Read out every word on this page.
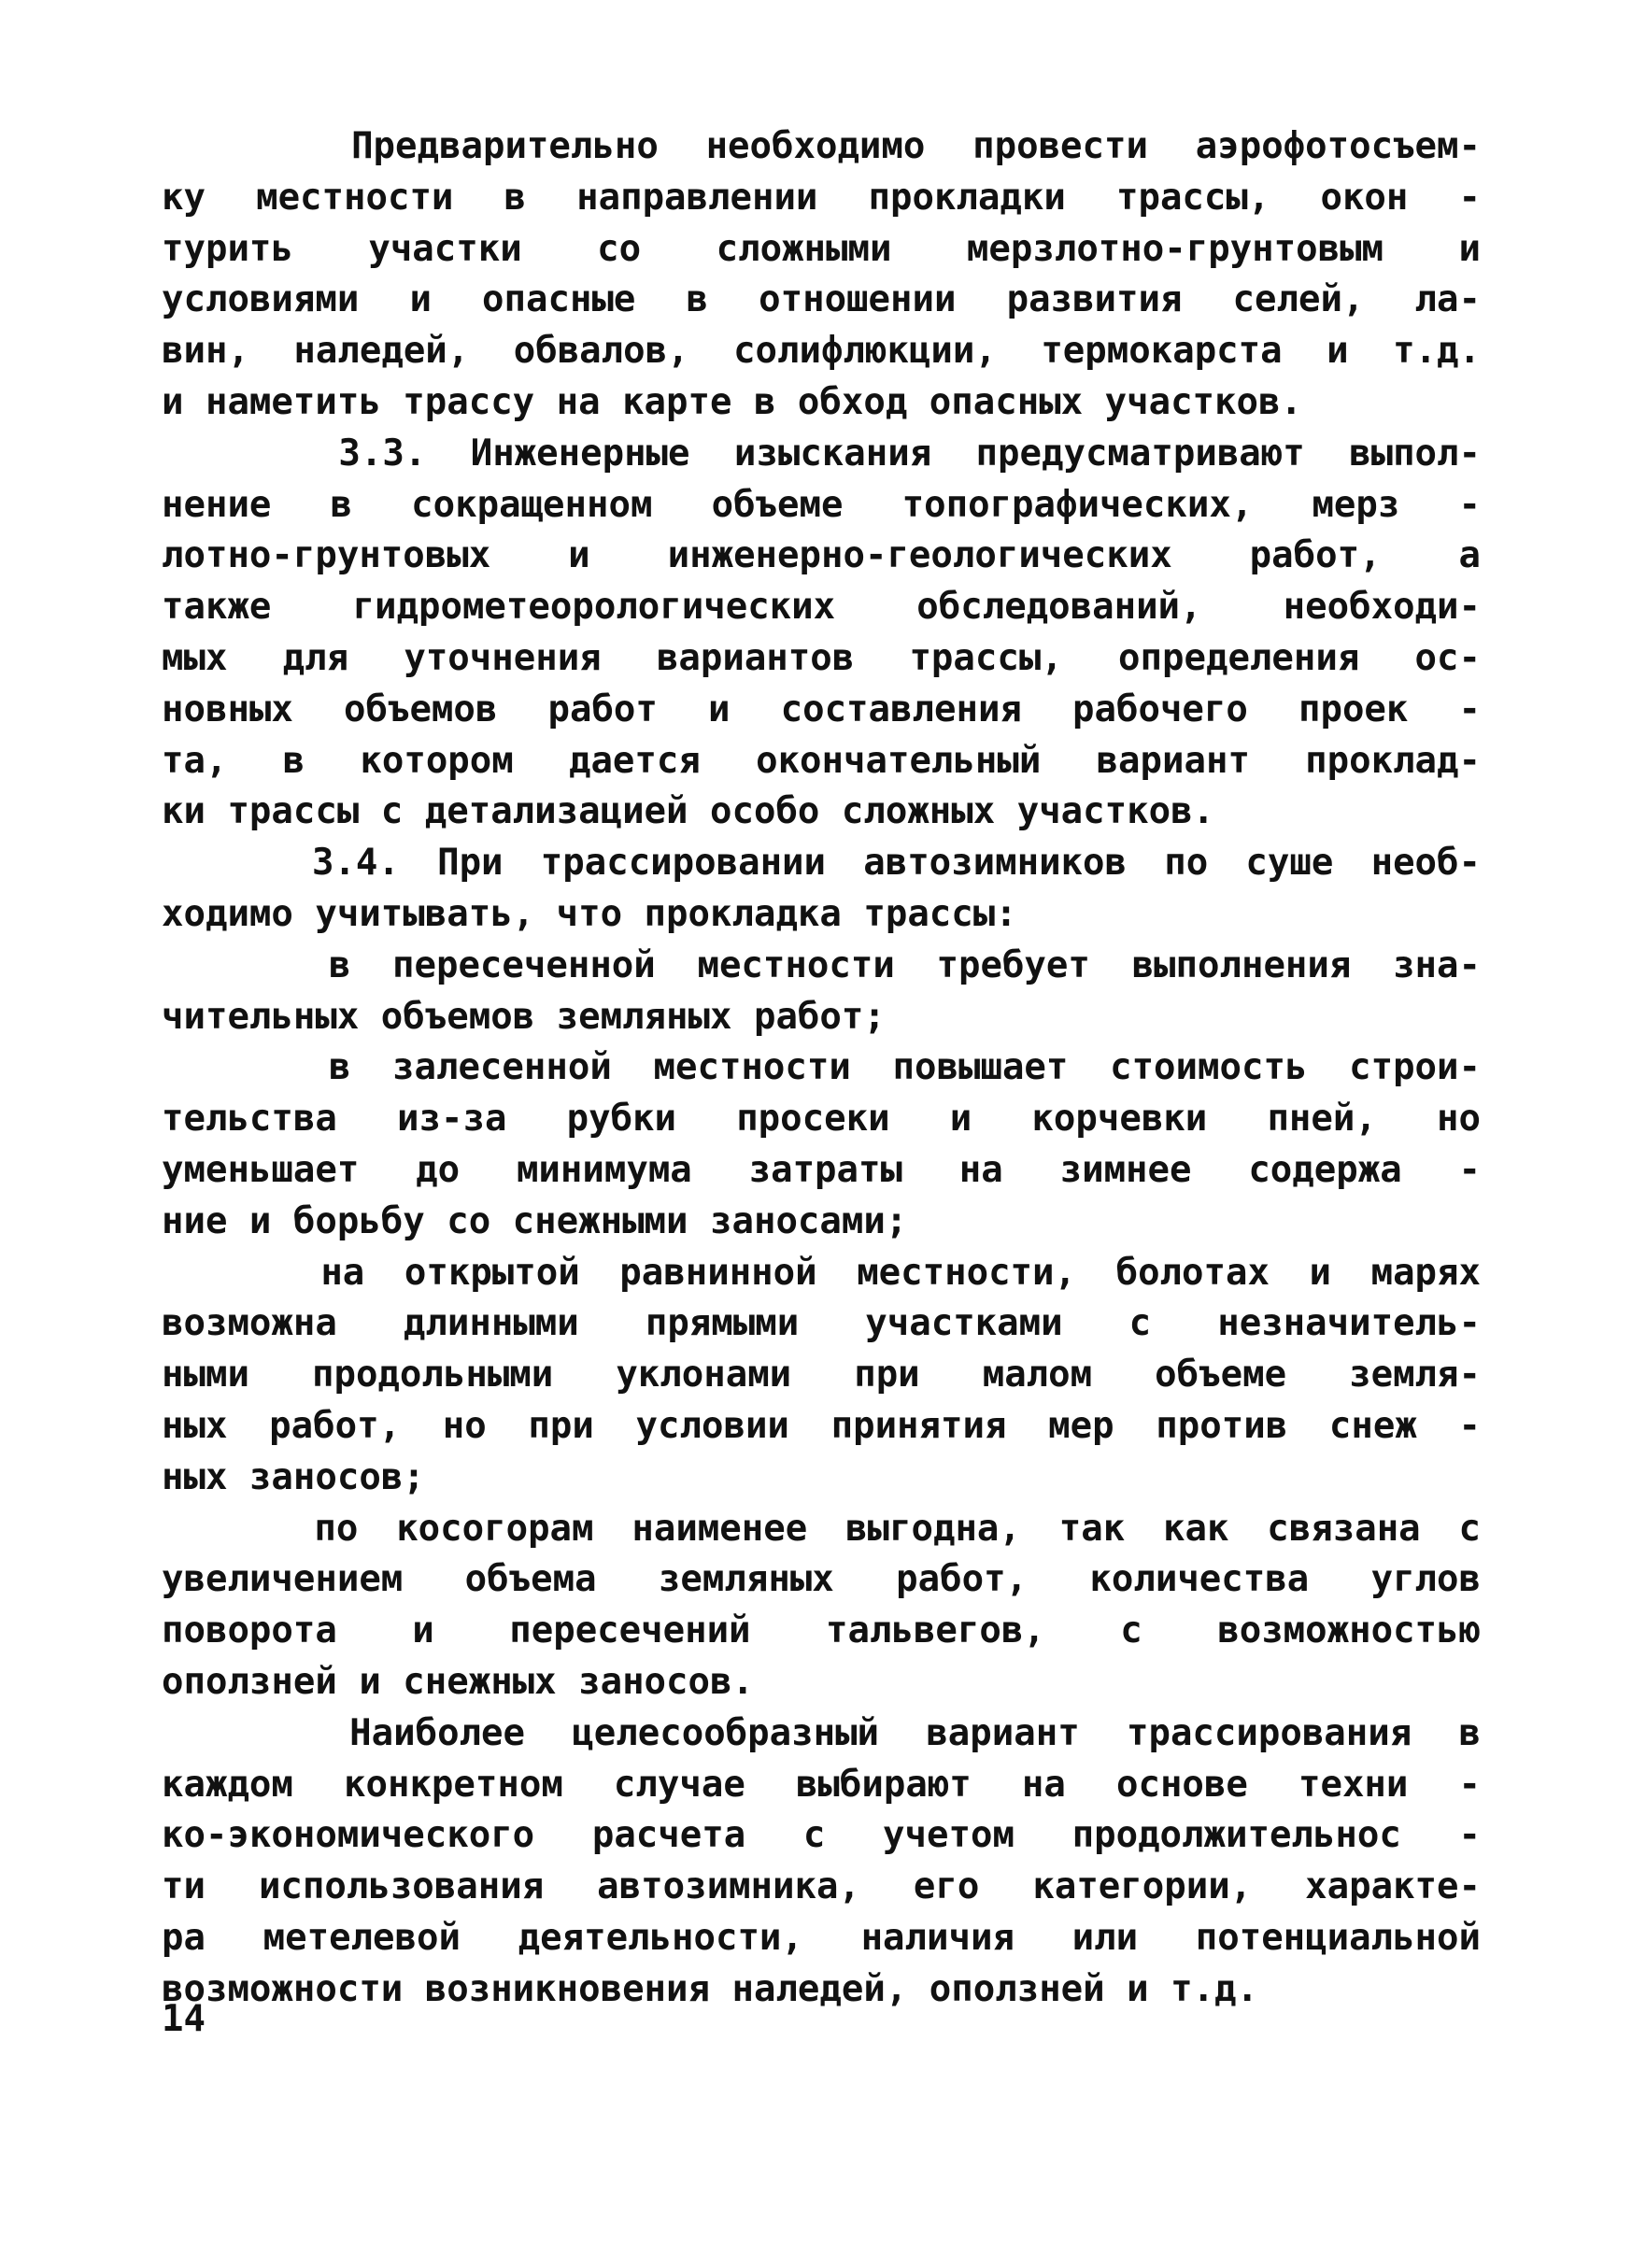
Предварительно необходимо провести аэрофотосъем-
ку местности в направлении прокладки трассы, окон -
турить участки со сложными мерзлотно-грунтовым и
условиями и опасные в отношении развития селей, ла-
вин, наледей, обвалов, солифлюкции, термокарста и т.д.
и наметить трассу на карте в обход опасных участков.
3.3. Инженерные изыскания предусматривают выпол-
нение в сокращенном объеме топографических, мерз -
лотно-грунтовых и инженерно-геологических работ, а
также гидрометеорологических обследований, необходи-
мых для уточнения вариантов трассы, определения ос-
новных объемов работ и составления рабочего проек -
та, в котором дается окончательный вариант проклад-
ки трассы с детализацией особо сложных участков.
3.4. При трассировании автозимников по суше необ-
ходимо учитывать, что прокладка трассы:
в пересеченной местности требует выполнения зна-
чительных объемов земляных работ;
в залесенной местности повышает стоимость строи-
тельства из-за рубки просеки и корчевки пней, но
уменьшает до минимума затраты на зимнее содержа -
ние и борьбу со снежными заносами;
на открытой равнинной местности, болотах и марях
возможна длинными прямыми участками с незначитель-
ными продольными уклонами при малом объеме земля-
ных работ, но при условии принятия мер против снеж -
ных заносов;
по косогорам наименее выгодна, так как связана с
увеличением объема земляных работ, количества углов
поворота и пересечений тальвегов, с возможностью
оползней и снежных заносов.
Наиболее целесообразный вариант трассирования в
каждом конкретном случае выбирают на основе техни -
ко-экономического расчета с учетом продолжительнос -
ти использования автозимника, его категории, характе-
ра метелевой деятельности, наличия или потенциальной
возможности возникновения наледей, оползней и т.д.
14
